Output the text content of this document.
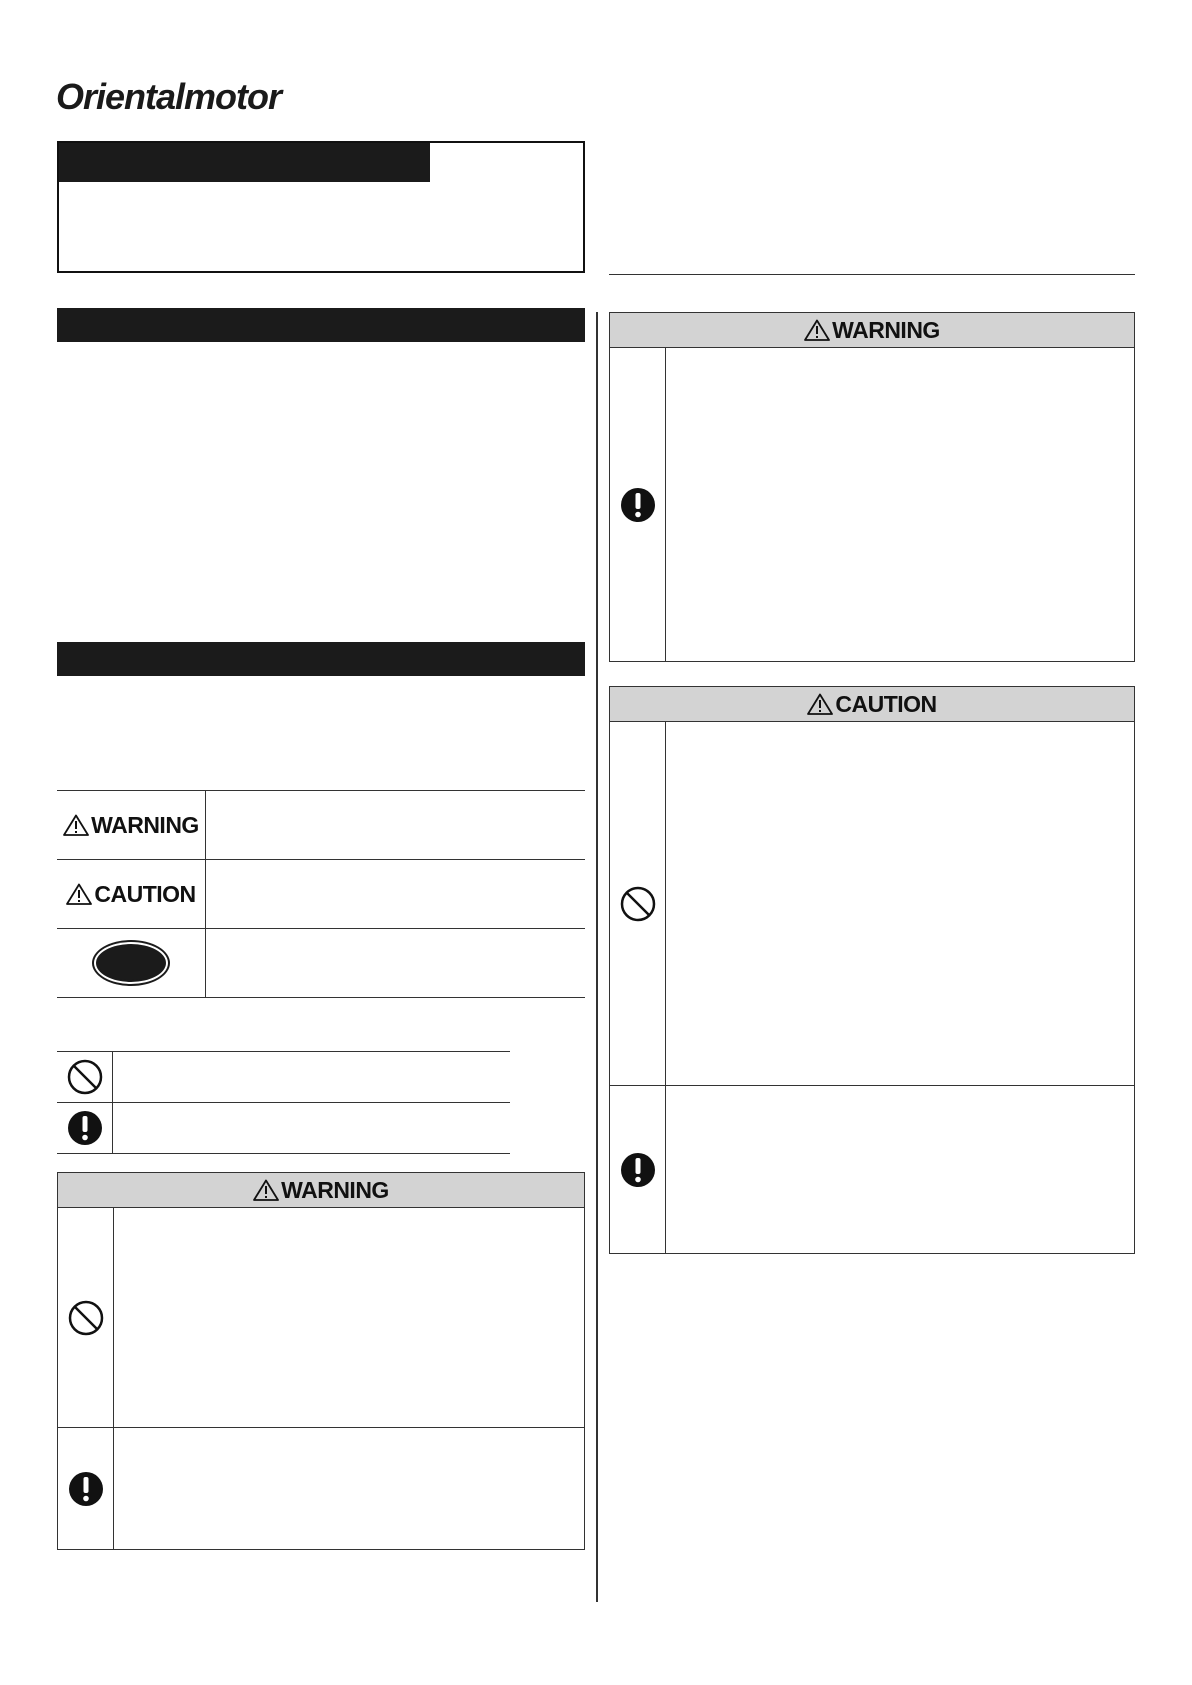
Orientalmotor
WARNING
CAUTION
WARNING
WARNING
CAUTION
